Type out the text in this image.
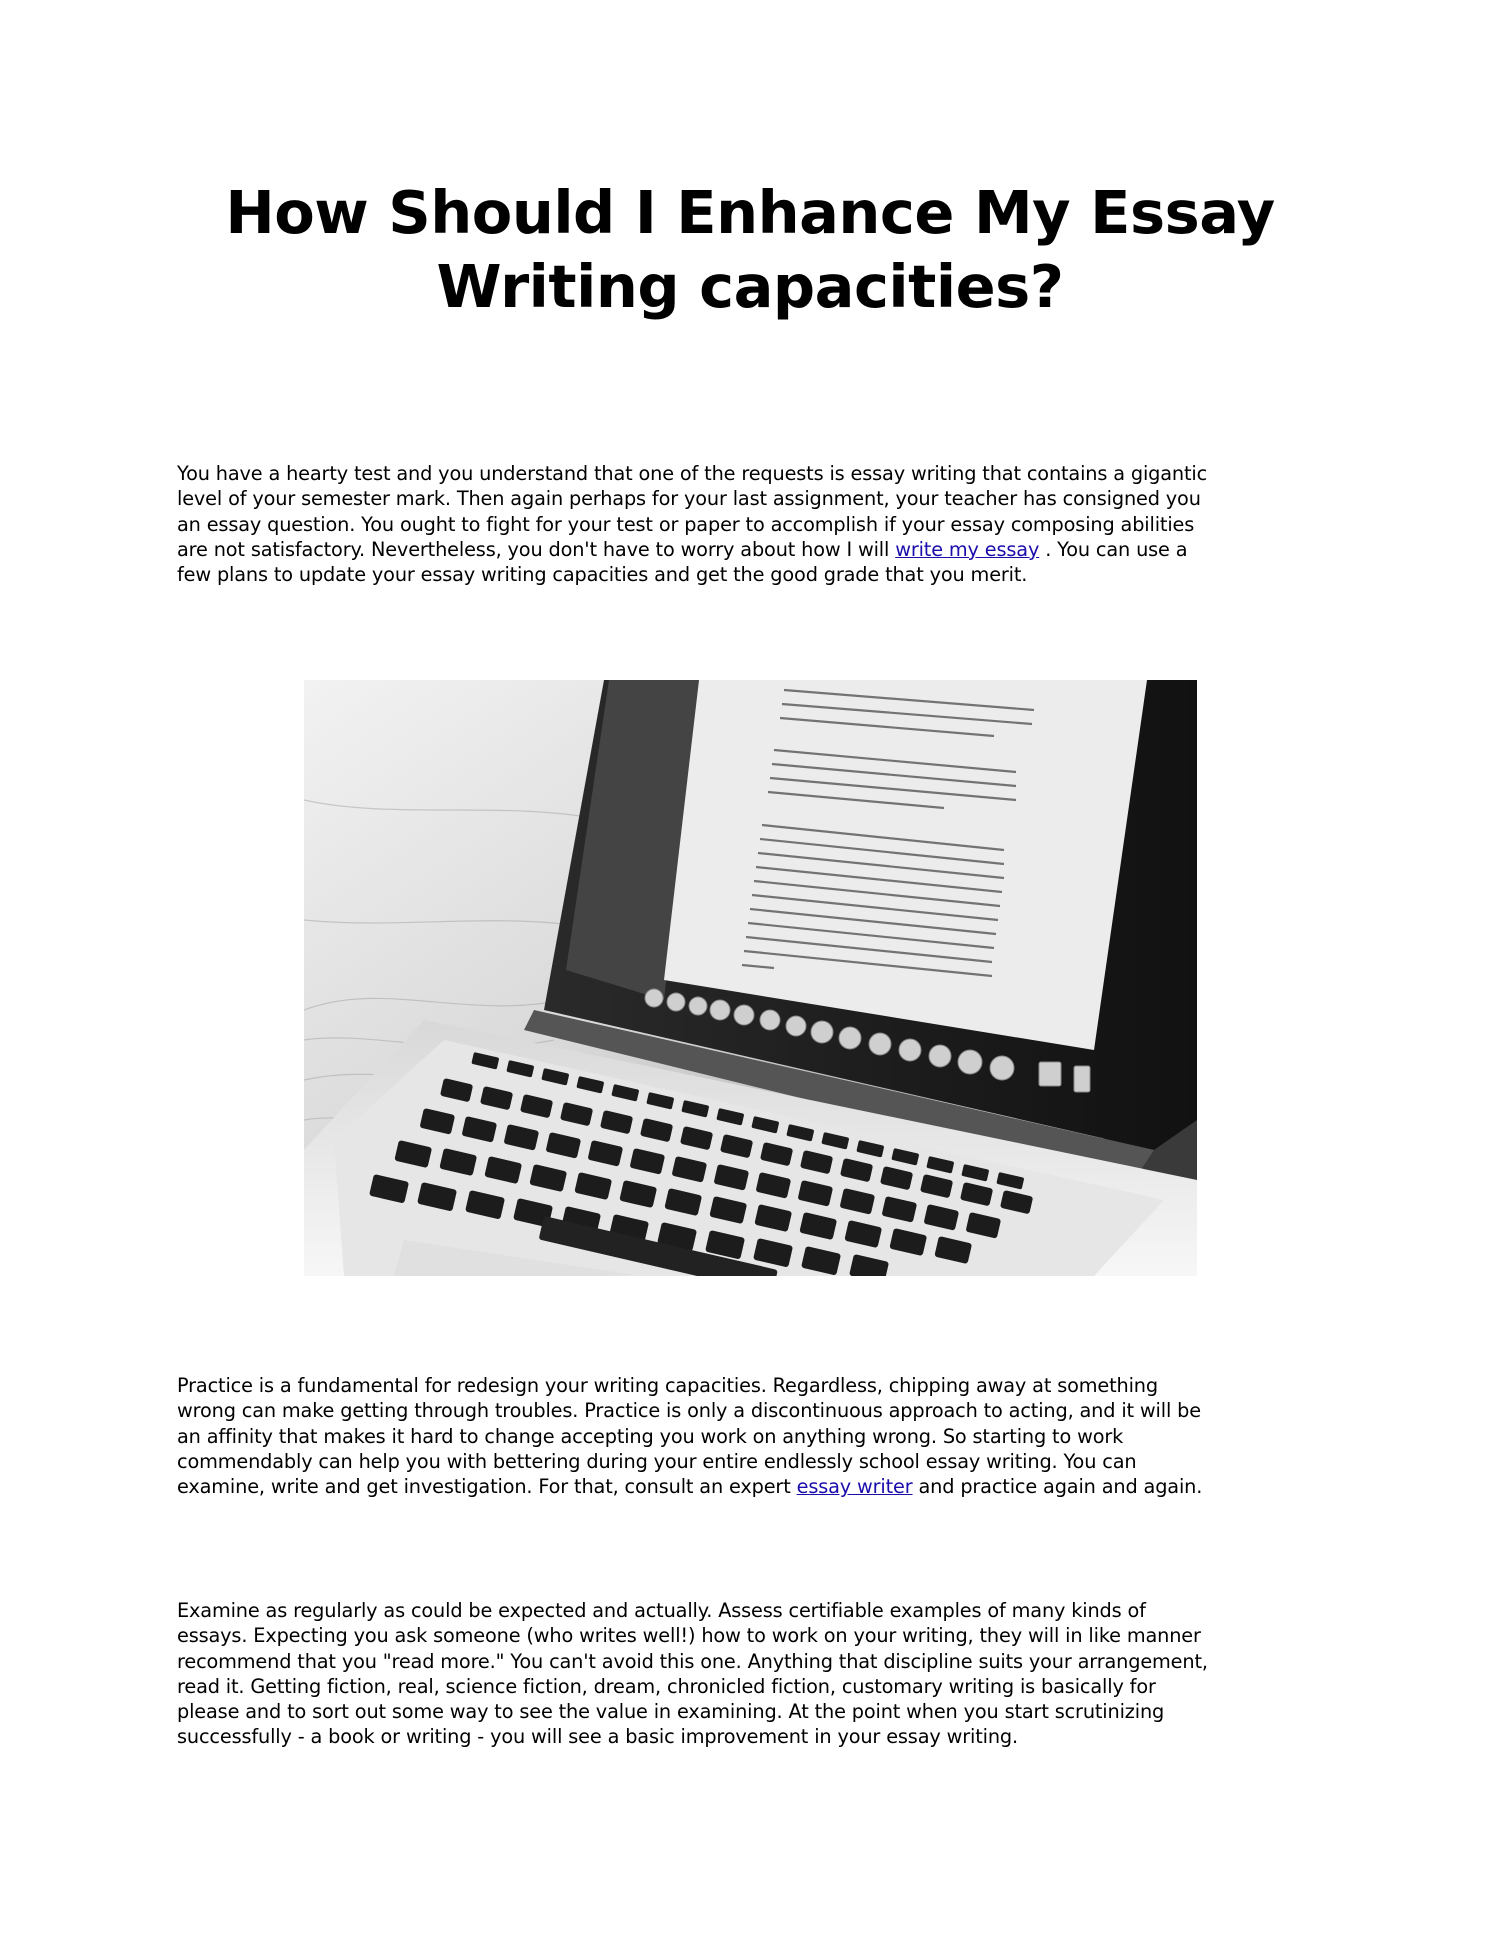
How Should I Enhance My Essay
Writing capacities?

You have a hearty test and you understand that one of the requests is essay writing that contains a gigantic
level of your semester mark. Then again perhaps for your last assignment, your teacher has consigned you
an essay question. You ought to fight for your test or paper to accomplish if your essay composing abilities
are not satisfactory. Nevertheless, you don't have to worry about how I will write my essay . You can use a
few plans to update your essay writing capacities and get the good grade that you merit.

Practice is a fundamental for redesign your writing capacities. Regardless, chipping away at something
wrong can make getting through troubles. Practice is only a discontinuous approach to acting, and it will be
an affinity that makes it hard to change accepting you work on anything wrong. So starting to work
commendably can help you with bettering during your entire endlessly school essay writing. You can
examine, write and get investigation. For that, consult an expert essay writer and practice again and again.

Examine as regularly as could be expected and actually. Assess certifiable examples of many kinds of
essays. Expecting you ask someone (who writes well!) how to work on your writing, they will in like manner
recommend that you "read more." You can't avoid this one. Anything that discipline suits your arrangement,
read it. Getting fiction, real, science fiction, dream, chronicled fiction, customary writing is basically for
please and to sort out some way to see the value in examining. At the point when you start scrutinizing
successfully - a book or writing - you will see a basic improvement in your essay writing.
